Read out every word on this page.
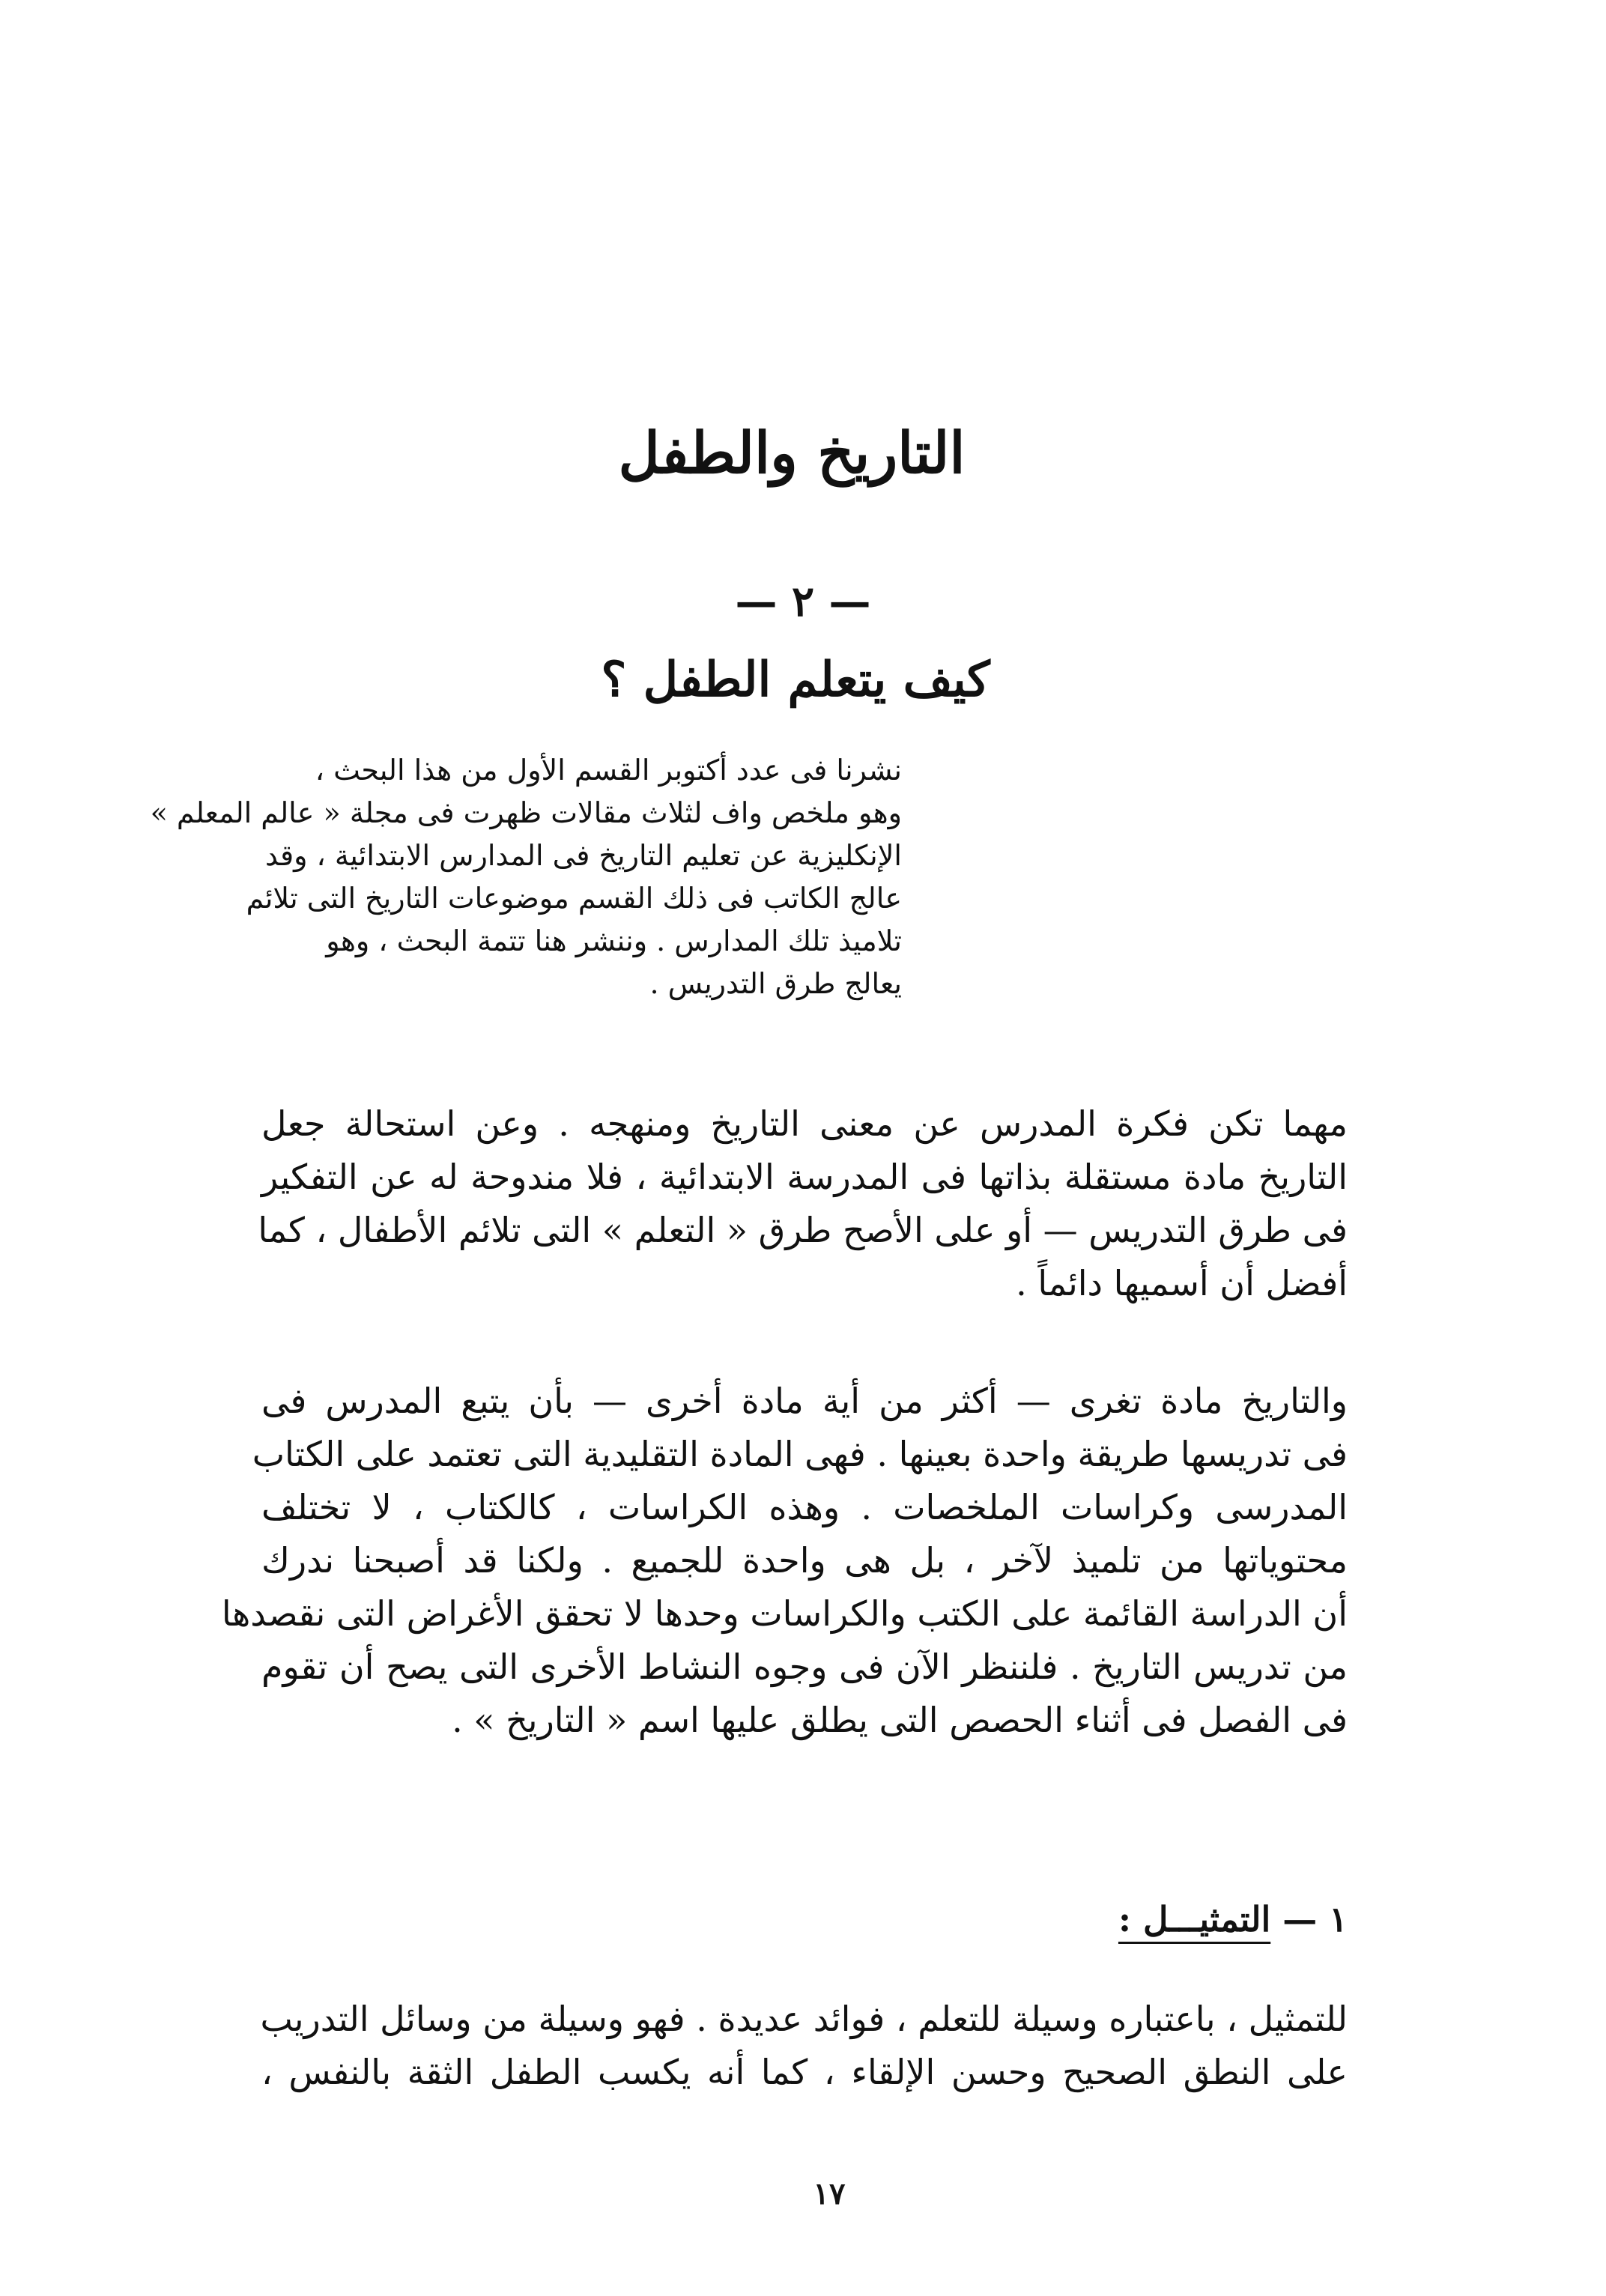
التاريخ والطفل
— ٢ —
كيف يتعلم الطفل ؟

نشرنا فى عدد أكتوبر القسم الأول من هذا البحث ،
وهو ملخص واف لثلاث مقالات ظهرت فى مجلة « عالم المعلم »
الإنكليزية عن تعليم التاريخ فى المدارس الابتدائية ، وقد
عالج الكاتب فى ذلك القسم موضوعات التاريخ التى تلائم
تلاميذ تلك المدارس . وننشر هنا تتمة البحث ، وهو
يعالج طرق التدريس .

مهما تكن فكرة المدرس عن معنى التاريخ ومنهجه . وعن استحالة جعل
التاريخ مادة مستقلة بذاتها فى المدرسة الابتدائية ، فلا مندوحة له عن التفكير
فى طرق التدريس — أو على الأصح طرق « التعلم » التى تلائم الأطفال ، كما
أفضل أن أسميها دائماً .

والتاريخ مادة تغرى — أكثر من أية مادة أخرى — بأن يتبع المدرس فى
فى تدريسها طريقة واحدة بعينها . فهى المادة التقليدية التى تعتمد على الكتاب
المدرسى وكراسات الملخصات . وهذه الكراسات ، كالكتاب ، لا تختلف
محتوياتها من تلميذ لآخر ، بل هى واحدة للجميع . ولكنا قد أصبحنا ندرك
أن الدراسة القائمة على الكتب والكراسات وحدها لا تحقق الأغراض التى نقصدها
من تدريس التاريخ . فلننظر الآن فى وجوه النشاط الأخرى التى يصح أن تقوم
فى الفصل فى أثناء الحصص التى يطلق عليها اسم « التاريخ » .

١ — التمثيـــل :

للتمثيل ، باعتباره وسيلة للتعلم ، فوائد عديدة . فهو وسيلة من وسائل التدريب
على النطق الصحيح وحسن الإلقاء ، كما أنه يكسب الطفل الثقة بالنفس ،

١٧
